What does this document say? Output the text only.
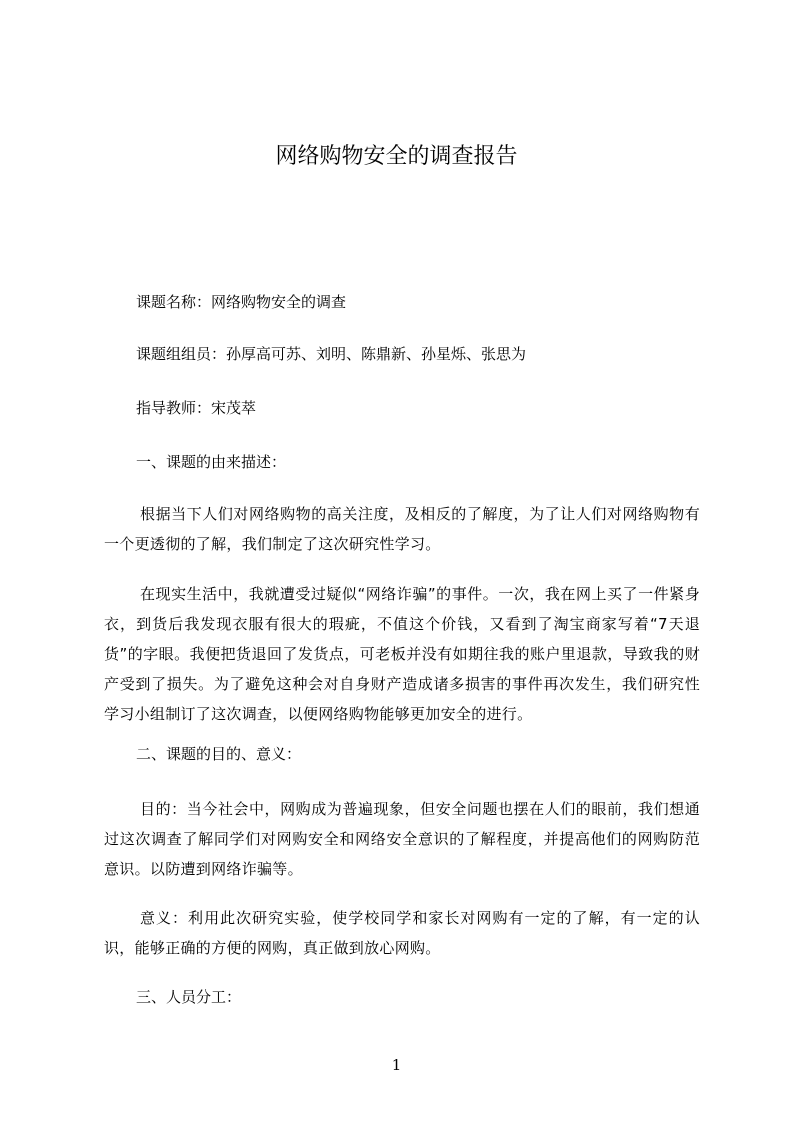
网络购物安全的调查报告
课题名称：网络购物安全的调查
课题组组员：孙厚高可苏、刘明、陈鼎新、孙星烁、张思为
指导教师：宋茂萃
一、课题的由来描述：

根据当下人们对网络购物的高关注度，及相反的了解度，为了让人们对网络购物有一个更透彻的了解，我们制定了这次研究性学习。

在现实生活中，我就遭受过疑似“网络诈骗”的事件。一次，我在网上买了一件紧身衣，到货后我发现衣服有很大的瑕疵，不值这个价钱，又看到了淘宝商家写着“7天退货”的字眼。我便把货退回了发货点，可老板并没有如期往我的账户里退款，导致我的财产受到了损失。为了避免这种会对自身财产造成诸多损害的事件再次发生，我们研究性学习小组制订了这次调查，以便网络购物能够更加安全的进行。

二、课题的目的、意义：

目的：当今社会中，网购成为普遍现象，但安全问题也摆在人们的眼前，我们想通过这次调查了解同学们对网购安全和网络安全意识的了解程度，并提高他们的网购防范意识。以防遭到网络诈骗等。

意义：利用此次研究实验，使学校同学和家长对网购有一定的了解，有一定的认识，能够正确的方便的网购，真正做到放心网购。

三、人员分工：
1
